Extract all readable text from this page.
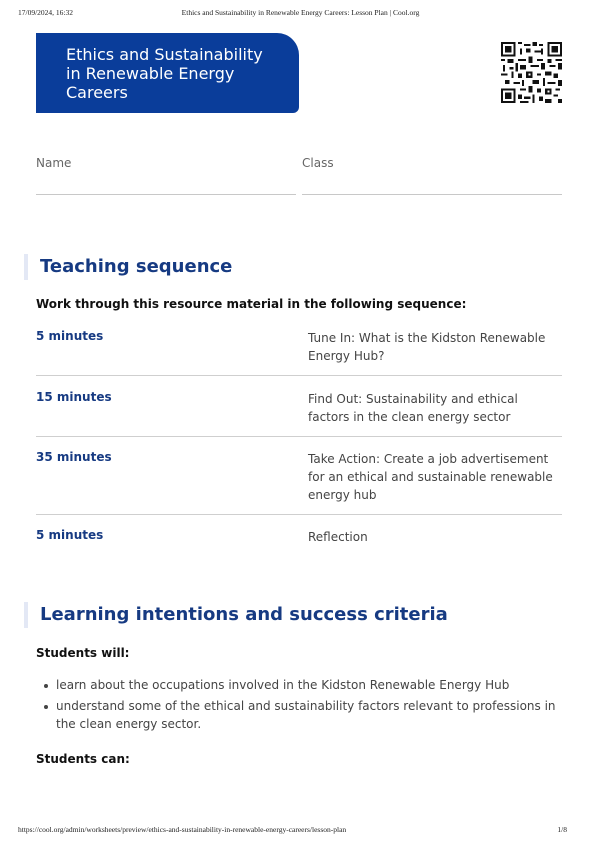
17/09/2024, 16:32	Ethics and Sustainability in Renewable Energy Careers: Lesson Plan | Cool.org
Ethics and Sustainability
in Renewable Energy
Careers
Name	Class
Teaching sequence

Work through this resource material in the following sequence:

5 minutes	Tune In: What is the Kidston Renewable Energy Hub?
15 minutes	Find Out: Sustainability and ethical factors in the clean energy sector
35 minutes	Take Action: Create a job advertisement for an ethical and sustainable renewable energy hub
5 minutes	Reflection
Learning intentions and success criteria

Students will:

learn about the occupations involved in the Kidston Renewable Energy Hub
understand some of the ethical and sustainability factors relevant to professions in the clean energy sector.

Students can:

https://cool.org/admin/worksheets/preview/ethics-and-sustainability-in-renewable-energy-careers/lesson-plan	1/8
